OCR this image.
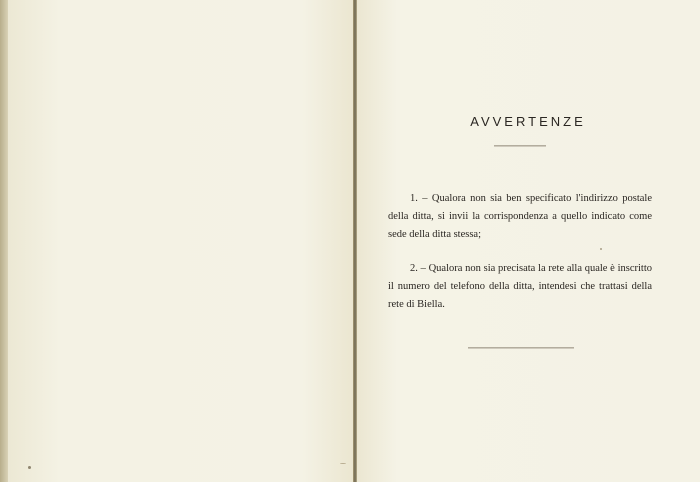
AVVERTENZE

1. – Qualora non sia ben specificato l'indirizzo postale della ditta, si invii la corrispondenza a quello indicato come sede della ditta stessa;

2. – Qualora non sia precisata la rete alla quale è inscritto il numero del telefono della ditta, intendesi che trattasi della rete di Biella.
